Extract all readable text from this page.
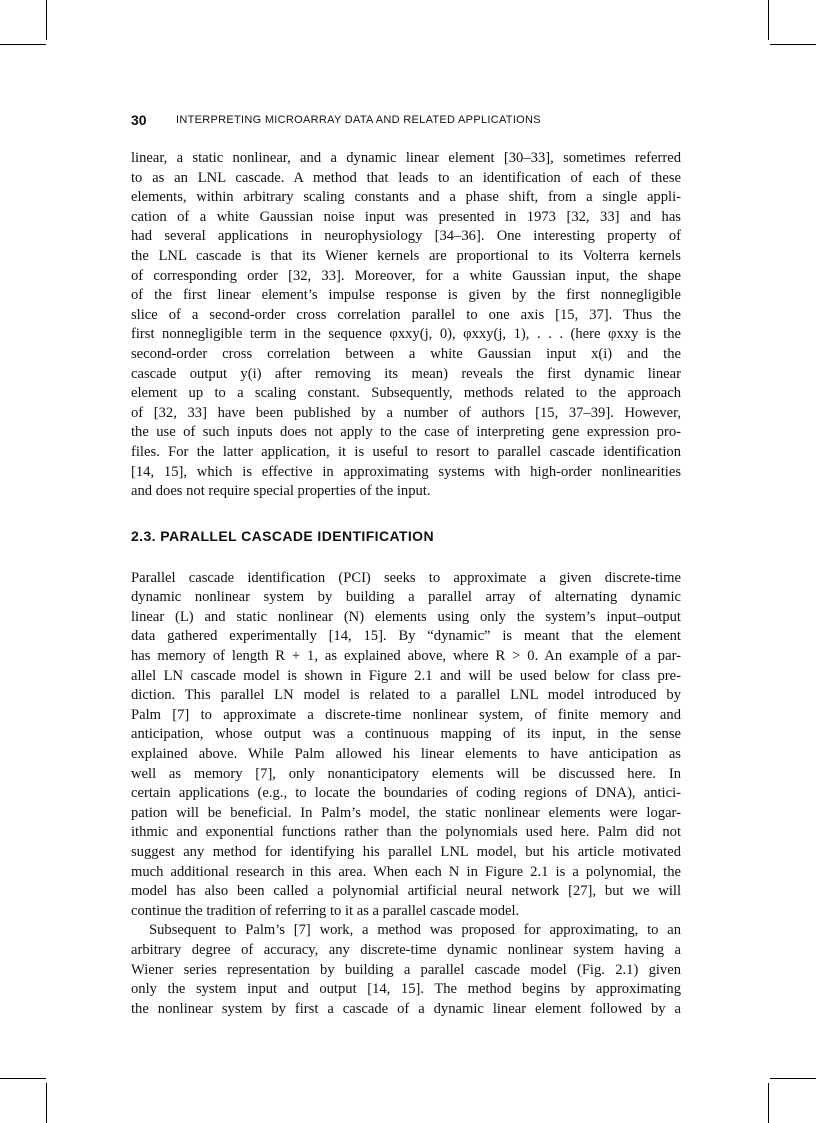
30	INTERPRETING MICROARRAY DATA AND RELATED APPLICATIONS
linear, a static nonlinear, and a dynamic linear element [30–33], sometimes referred
to as an LNL cascade. A method that leads to an identification of each of these
elements, within arbitrary scaling constants and a phase shift, from a single appli-
cation of a white Gaussian noise input was presented in 1973 [32, 33] and has
had several applications in neurophysiology [34–36]. One interesting property of
the LNL cascade is that its Wiener kernels are proportional to its Volterra kernels
of corresponding order [32, 33]. Moreover, for a white Gaussian input, the shape
of the first linear element’s impulse response is given by the first nonnegligible
slice of a second-order cross correlation parallel to one axis [15, 37]. Thus the
first nonnegligible term in the sequence φxxy(j, 0), φxxy(j, 1), . . . (here φxxy is the
second-order cross correlation between a white Gaussian input x(i) and the
cascade output y(i) after removing its mean) reveals the first dynamic linear
element up to a scaling constant. Subsequently, methods related to the approach
of [32, 33] have been published by a number of authors [15, 37–39]. However,
the use of such inputs does not apply to the case of interpreting gene expression pro-
files. For the latter application, it is useful to resort to parallel cascade identification
[14, 15], which is effective in approximating systems with high-order nonlinearities
and does not require special properties of the input.
2.3. PARALLEL CASCADE IDENTIFICATION
Parallel cascade identification (PCI) seeks to approximate a given discrete-time
dynamic nonlinear system by building a parallel array of alternating dynamic
linear (L) and static nonlinear (N) elements using only the system’s input–output
data gathered experimentally [14, 15]. By “dynamic” is meant that the element
has memory of length R + 1, as explained above, where R > 0. An example of a par-
allel LN cascade model is shown in Figure 2.1 and will be used below for class pre-
diction. This parallel LN model is related to a parallel LNL model introduced by
Palm [7] to approximate a discrete-time nonlinear system, of finite memory and
anticipation, whose output was a continuous mapping of its input, in the sense
explained above. While Palm allowed his linear elements to have anticipation as
well as memory [7], only nonanticipatory elements will be discussed here. In
certain applications (e.g., to locate the boundaries of coding regions of DNA), antici-
pation will be beneficial. In Palm’s model, the static nonlinear elements were logar-
ithmic and exponential functions rather than the polynomials used here. Palm did not
suggest any method for identifying his parallel LNL model, but his article motivated
much additional research in this area. When each N in Figure 2.1 is a polynomial, the
model has also been called a polynomial artificial neural network [27], but we will
continue the tradition of referring to it as a parallel cascade model.
Subsequent to Palm’s [7] work, a method was proposed for approximating, to an
arbitrary degree of accuracy, any discrete-time dynamic nonlinear system having a
Wiener series representation by building a parallel cascade model (Fig. 2.1) given
only the system input and output [14, 15]. The method begins by approximating
the nonlinear system by first a cascade of a dynamic linear element followed by a
